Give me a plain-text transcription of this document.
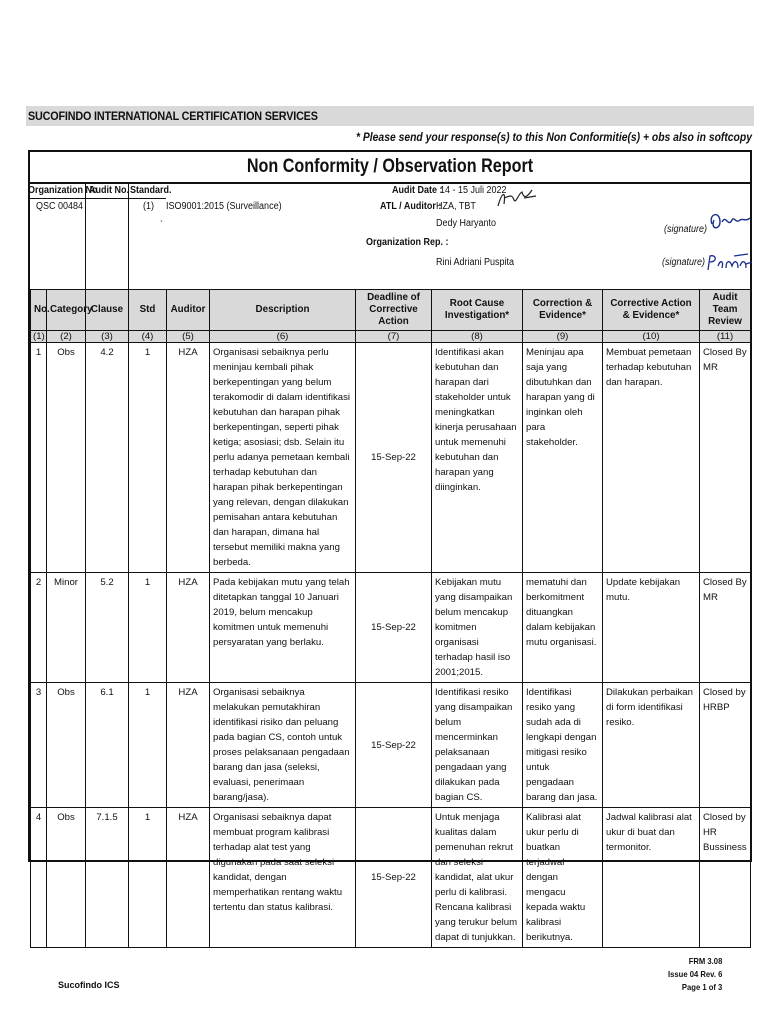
SUCOFINDO INTERNATIONAL CERTIFICATION SERVICES
* Please send your response(s) to this Non Conformitie(s) + obs also in softcopy
Non Conformity / Observation Report
Organization No
QSC 00484
Audit No. Standard.
(1) ISO9001:2015 (Surveillance)
`
Audit Date :
14 - 15 Juli 2022
ATL / Auditor :
HZA, TBT
Dedy Haryanto
Organization Rep. :
Rini Adriani Puspita
(signature)
(signature)
No.	Category	Clause	Std	Auditor	Description	Deadline of Corrective Action	Root Cause Investigation*	Correction & Evidence*	Corrective Action & Evidence*	Audit Team Review
(1)	(2)	(3)	(4)	(5)	(6)	(7)	(8)	(9)	(10)	(11)
1	Obs	4.2	1	HZA	Organisasi sebaiknya perlu meninjau kembali pihak berkepentingan yang belum terakomodir di dalam identifikasi kebutuhan dan harapan pihak berkepentingan, seperti pihak ketiga; asosiasi; dsb. Selain itu perlu adanya pemetaan kembali terhadap kebutuhan dan harapan pihak berkepentingan yang relevan, dengan dilakukan pemisahan antara kebutuhan dan harapan, dimana hal tersebut memiliki makna yang berbeda.	15-Sep-22	Identifikasi akan kebutuhan dan harapan dari stakeholder untuk meningkatkan kinerja perusahaan untuk memenuhi kebutuhan dan harapan yang diinginkan.	Meninjau apa saja yang dibutuhkan dan harapan yang di inginkan oleh para stakeholder.	Membuat pemetaan terhadap kebutuhan dan harapan.	Closed By MR
2	Minor	5.2	1	HZA	Pada kebijakan mutu yang telah ditetapkan tanggal 10 Januari 2019, belum mencakup komitmen untuk memenuhi persyaratan yang berlaku.	15-Sep-22	Kebijakan mutu yang disampaikan belum mencakup komitmen organisasi terhadap hasil iso 2001;2015.	mematuhi dan berkomitment dituangkan dalam kebijakan mutu organisasi.	Update kebijakan mutu.	Closed By MR
3	Obs	6.1	1	HZA	Organisasi sebaiknya melakukan pemutakhiran identifikasi risiko dan peluang pada bagian CS, contoh untuk proses pelaksanaan pengadaan barang dan jasa (seleksi, evaluasi, penerimaan barang/jasa).	15-Sep-22	Identifikasi resiko yang disampaikan belum mencerminkan pelaksanaan pengadaan yang dilakukan pada bagian CS.	Identifikasi resiko yang sudah ada di lengkapi dengan mitigasi resiko untuk pengadaan barang dan jasa.	Dilakukan perbaikan di form identifikasi resiko.	Closed by HRBP
4	Obs	7.1.5	1	HZA	Organisasi sebaiknya dapat membuat program kalibrasi terhadap alat test yang digunakan pada saat seleksi kandidat, dengan memperhatikan rentang waktu tertentu dan status kalibrasi.	15-Sep-22	Untuk menjaga kualitas dalam pemenuhan rekrut dan seleksi kandidat, alat ukur perlu di kalibrasi. Rencana kalibrasi yang terukur belum dapat di tunjukkan.	Kalibrasi alat ukur perlu di buatkan terjadwal dengan mengacu kepada waktu kalibrasi berikutnya.	Jadwal kalibrasi alat ukur di buat dan termonitor.	Closed by HR Bussiness
FRM 3.08
Issue 04 Rev. 6
Page 1 of 3
Sucofindo ICS
